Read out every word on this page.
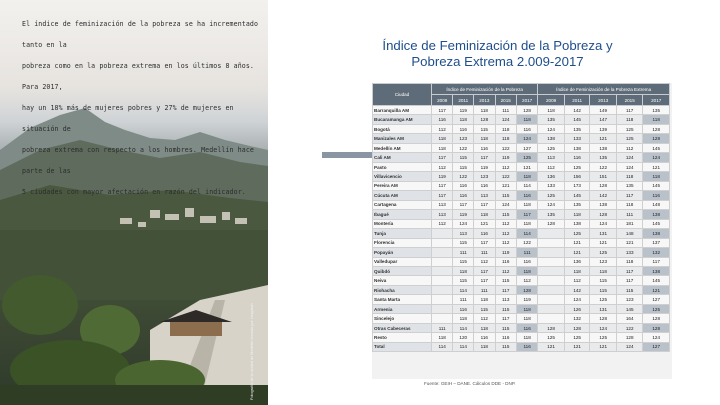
El índice de feminización de la pobreza se ha incrementado tanto en la

pobreza como en la pobreza extrema en los últimos 8 años. Para 2017,

hay un 18% más de mujeres pobres y 27% de mujeres en situación de

pobreza extrema con respecto a los hombres. Medellín hace parte de las

5 ciudades con mayor afectación en razón del indicador.

Fotografía de la ciudad de Medellín tomada por Unsplash
Índice de Feminización de la Pobreza y
Pobreza Extrema 2.009-2017
Ciudad	Índice de Feminización de la Pobreza					Índice de Feminización de la Pobreza Extrema				
	2009	2011	2013	2015	2017	2009	2011	2013	2015	2017
Barranquilla AM	117	119	118	111	128	118	142	149	117	135
Bucaramanga AM	116	118	128	124	118	135	145	147	118	118
Bogotá	112	116	115	118	116	124	135	139	125	128
Manizales AM	118	123	118	118	124	138	133	121	125	128
Medellín AM	118	122	116	122	127	125	138	138	112	145
Cali AM	117	115	117	119	125	113	116	135	124	124
Pasto	112	115	119	112	121	112	125	122	124	121
Villavicencio	119	122	123	122	118	136	156	151	118	118
Pereira AM	117	116	116	121	114	133	173	128	135	145
Cúcuta AM	117	116	113	115	116	125	145	142	117	116
Cartagena	113	117	117	124	118	124	135	138	118	148
Ibagué	113	119	118	115	117	135	118	128	111	138
Montería	112	124	121	112	118	128	138	124	181	145
Tunja		113	116	112	114		125	131	148	138
Florencia		115	117	112	122		121	121	121	137
Popayán		111	111	119	111		121	125	133	132
Valledupar		115	112	116	116		136	123	118	117
Quibdó		118	117	112	118		118	118	117	138
Neiva		115	117	115	112		112	115	117	145
Riohacha		114	111	117	128		142	115	115	121
Santa Marta		111	118	113	119		124	125	123	127
Armenia		116	115	115	118		126	131	145	125
Sincelejo		118	112	117	118		132	128	164	128
Otras Cabeceras	111	114	118	115	116	128	128	124	122	128
Resto	118	120	116	116	118	125	125	125	128	124
Total	114	114	118	115	116	121	121	121	124	127
Fuente: GEIH – DANE. Cálculos DDE - DNP.
